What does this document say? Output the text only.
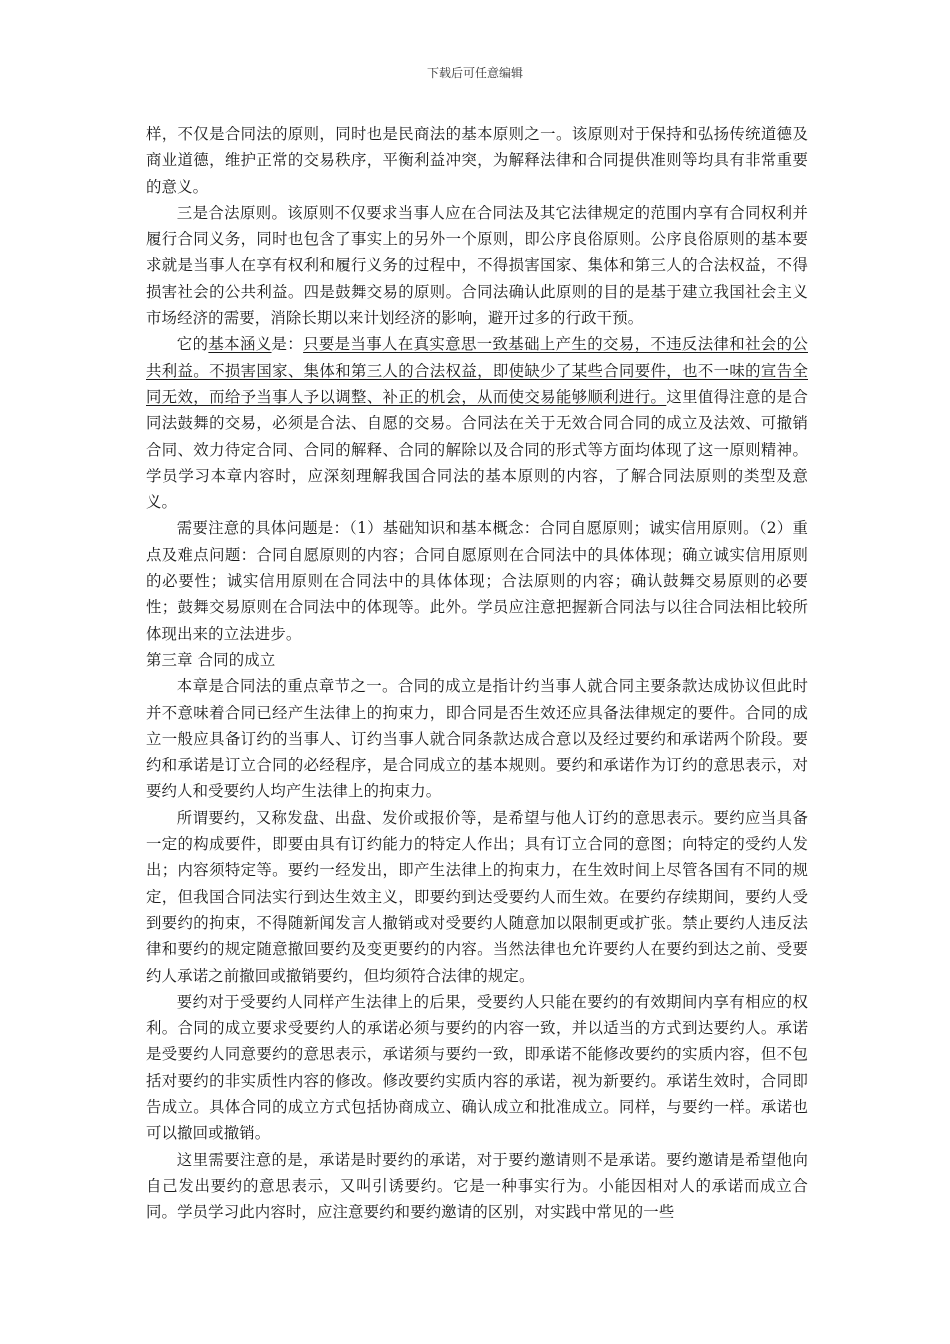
下载后可任意编辑

样，不仅是合同法的原则，同时也是民商法的基本原则之一。该原则对于保持和弘扬传统道德及商业道德，维护正常的交易秩序，平衡利益冲突，为解释法律和合同提供准则等均具有非常重要的意义。

三是合法原则。该原则不仅要求当事人应在合同法及其它法律规定的范围内享有合同权利并履行合同义务，同时也包含了事实上的另外一个原则，即公序良俗原则。公序良俗原则的基本要求就是当事人在享有权利和履行义务的过程中，不得损害国家、集体和第三人的合法权益，不得损害社会的公共利益。四是鼓舞交易的原则。合同法确认此原则的目的是基于建立我国社会主义市场经济的需要，消除长期以来计划经济的影响，避开过多的行政干预。

它的基本涵义是：只要是当事人在真实意思一致基础上产生的交易，不违反法律和社会的公共利益。不损害国家、集体和第三人的合法权益，即使缺少了某些合同要件，也不一味的宣告全同无效，而给予当事人予以调整、补正的机会，从而使交易能够顺利进行。这里值得注意的是合同法鼓舞的交易，必须是合法、自愿的交易。合同法在关于无效合同合同的成立及法效、可撤销合同、效力待定合同、合同的解释、合同的解除以及合同的形式等方面均体现了这一原则精神。学员学习本章内容时，应深刻理解我国合同法的基本原则的内容，了解合同法原则的类型及意义。

需要注意的具体问题是：（1）基础知识和基本概念：合同自愿原则；诚实信用原则。（2）重点及难点问题：合同自愿原则的内容；合同自愿原则在合同法中的具体体现；确立诚实信用原则的必要性；诚实信用原则在合同法中的具体体现；合法原则的内容；确认鼓舞交易原则的必要性；鼓舞交易原则在合同法中的体现等。此外。学员应注意把握新合同法与以往合同法相比较所体现出来的立法进步。

第三章 合同的成立

本章是合同法的重点章节之一。合同的成立是指计约当事人就合同主要条款达成协议但此时并不意味着合同已经产生法律上的拘束力，即合同是否生效还应具备法律规定的要件。合同的成立一般应具备订约的当事人、订约当事人就合同条款达成合意以及经过要约和承诺两个阶段。要约和承诺是订立合同的必经程序，是合同成立的基本规则。要约和承诺作为订约的意思表示，对要约人和受要约人均产生法律上的拘束力。

所谓要约，又称发盘、出盘、发价或报价等，是希望与他人订约的意思表示。要约应当具备一定的构成要件，即要由具有订约能力的特定人作出；具有订立合同的意图；向特定的受约人发出；内容须特定等。要约一经发出，即产生法律上的拘束力，在生效时间上尽管各国有不同的规定，但我国合同法实行到达生效主义，即要约到达受要约人而生效。在要约存续期间，要约人受到要约的拘束，不得随新闻发言人撤销或对受要约人随意加以限制更或扩张。禁止要约人违反法律和要约的规定随意撤回要约及变更要约的内容。当然法律也允许要约人在要约到达之前、受要约人承诺之前撤回或撤销要约，但均须符合法律的规定。

要约对于受要约人同样产生法律上的后果，受要约人只能在要约的有效期间内享有相应的权利。合同的成立要求受要约人的承诺必须与要约的内容一致，并以适当的方式到达要约人。承诺是受要约人同意要约的意思表示，承诺须与要约一致，即承诺不能修改要约的实质内容，但不包括对要约的非实质性内容的修改。修改要约实质内容的承诺，视为新要约。承诺生效时，合同即告成立。具体合同的成立方式包括协商成立、确认成立和批准成立。同样，与要约一样。承诺也可以撤回或撤销。

这里需要注意的是，承诺是时要约的承诺，对于要约邀请则不是承诺。要约邀请是希望他向自己发出要约的意思表示，又叫引诱要约。它是一种事实行为。小能因相对人的承诺而成立合同。学员学习此内容时，应注意要约和要约邀请的区别，对实践中常见的一些
